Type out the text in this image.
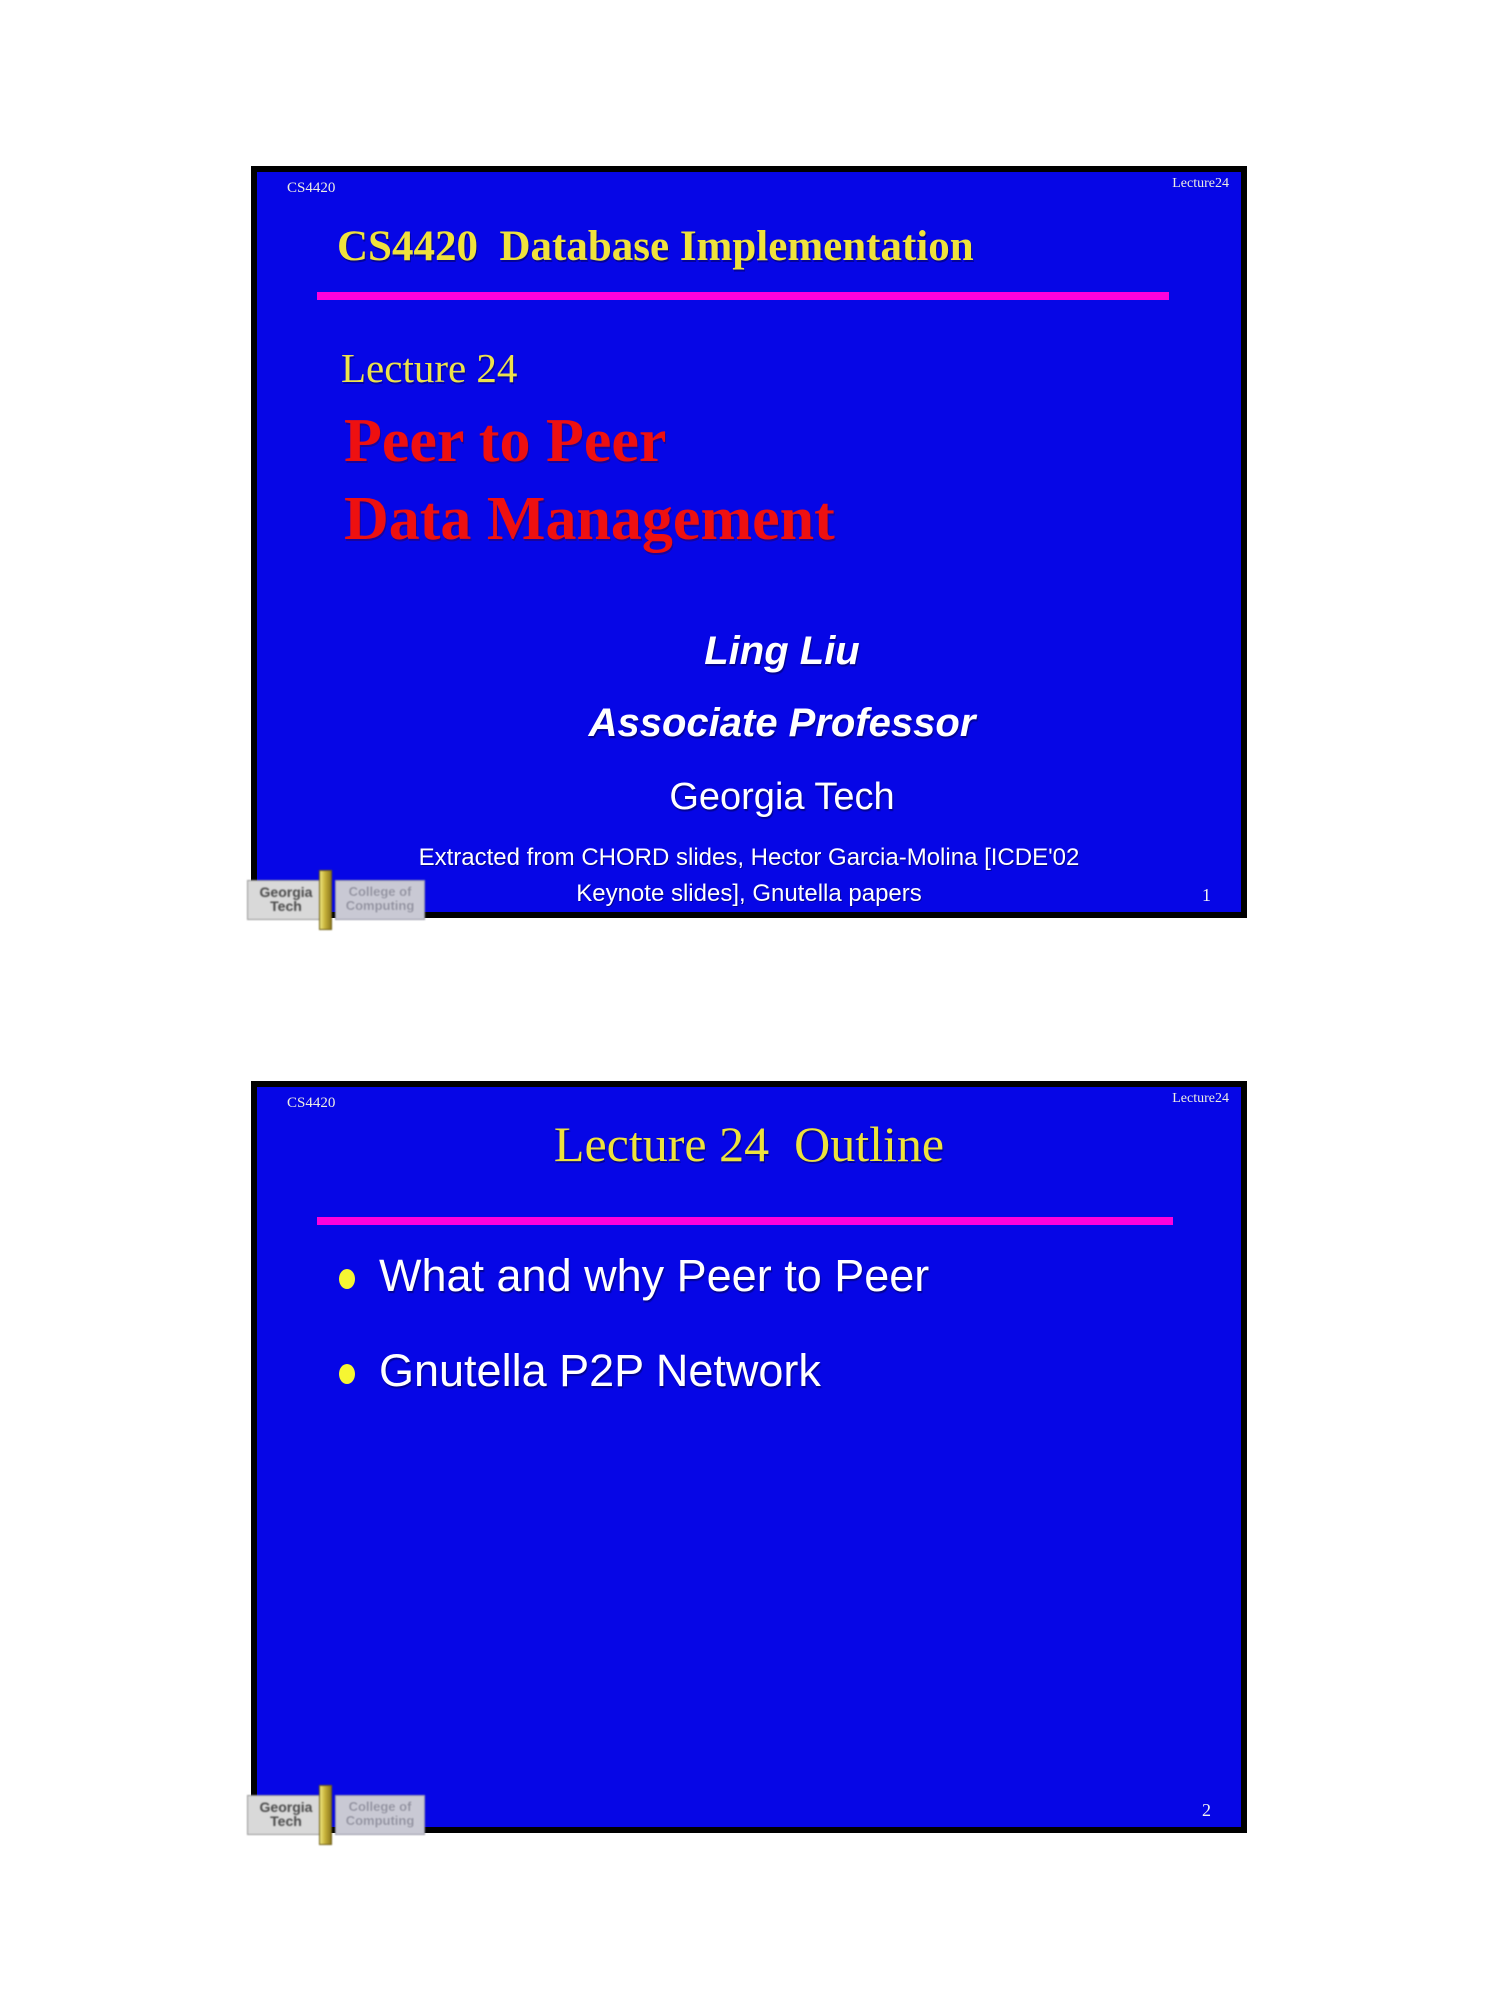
CS4420	Lecture24
CS4420  Database Implementation
Lecture 24
Peer to Peer
Data Management
Ling Liu
Associate Professor
Georgia Tech
Extracted from CHORD slides, Hector Garcia-Molina [ICDE'02
Keynote slides], Gnutella papers
Georgia
Tech
College of
Computing
1
CS4420	Lecture24
Lecture 24  Outline
What and why Peer to Peer
Gnutella P2P Network
Georgia
Tech
College of
Computing
2
